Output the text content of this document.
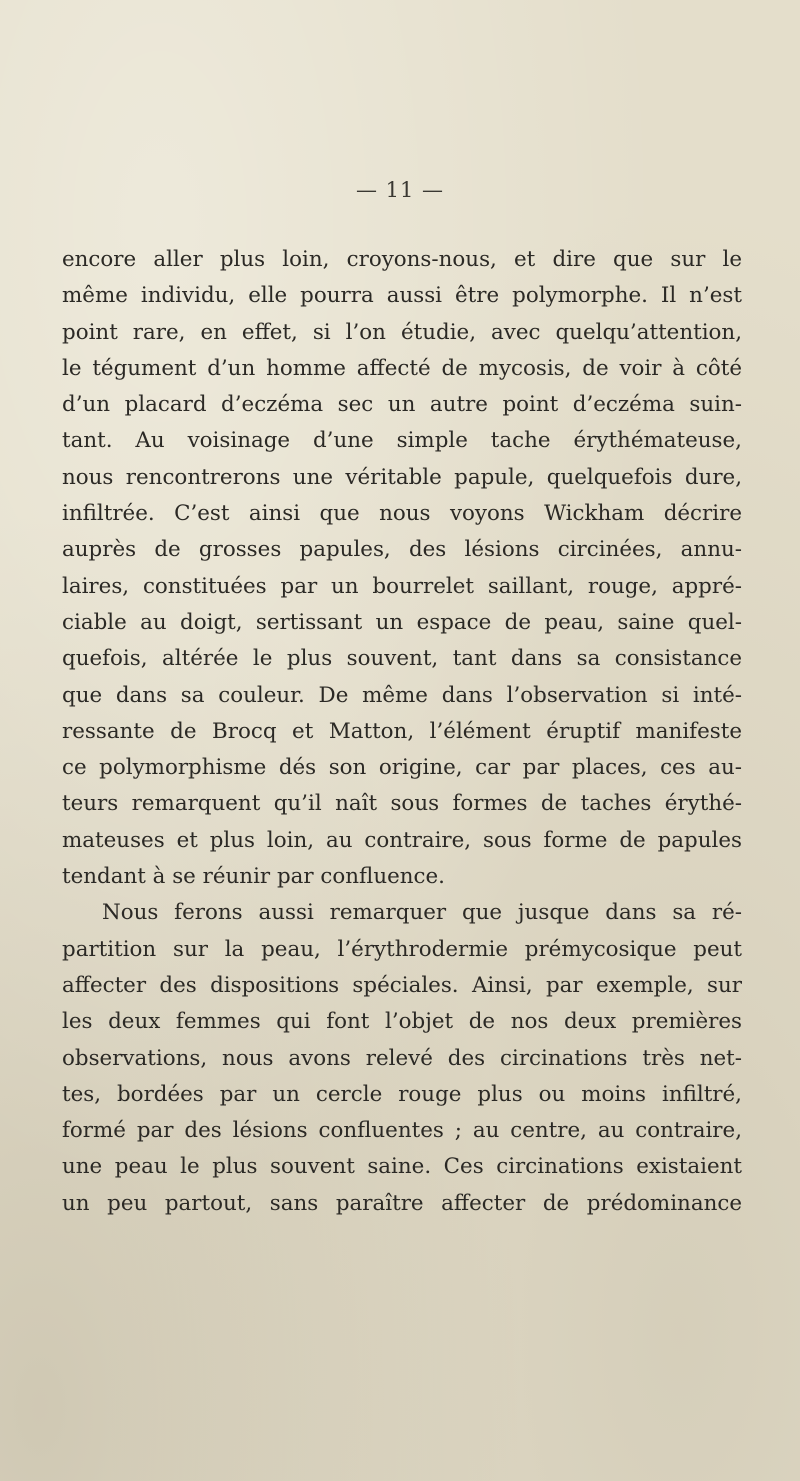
— 11 —
encore aller plus loin, croyons-nous, et dire que sur le
même individu, elle pourra aussi être polymorphe. Il n’est
point rare, en effet, si l’on étudie, avec quelqu’attention,
le tégument d’un homme affecté de mycosis, de voir à côté
d’un placard d’eczéma sec un autre point d’eczéma suin-
tant. Au voisinage d’une simple tache érythémateuse,
nous rencontrerons une véritable papule, quelquefois dure,
infiltrée. C’est ainsi que nous voyons Wickham décrire
auprès de grosses papules, des lésions circinées, annu-
laires, constituées par un bourrelet saillant, rouge, appré-
ciable au doigt, sertissant un espace de peau, saine quel-
quefois, altérée le plus souvent, tant dans sa consistance
que dans sa couleur. De même dans l’observation si inté-
ressante de Brocq et Matton, l’élément éruptif manifeste
ce polymorphisme dés son origine, car par places, ces au-
teurs remarquent qu’il naît sous formes de taches érythé-
mateuses et plus loin, au contraire, sous forme de papules
tendant à se réunir par confluence.
Nous ferons aussi remarquer que jusque dans sa ré-
partition sur la peau, l’érythrodermie prémycosique peut
affecter des dispositions spéciales. Ainsi, par exemple, sur
les deux femmes qui font l’objet de nos deux premières
observations, nous avons relevé des circinations très net-
tes, bordées par un cercle rouge plus ou moins infiltré,
formé par des lésions confluentes ; au centre, au contraire,
une peau le plus souvent saine. Ces circinations existaient
un peu partout, sans paraître affecter de prédominance
